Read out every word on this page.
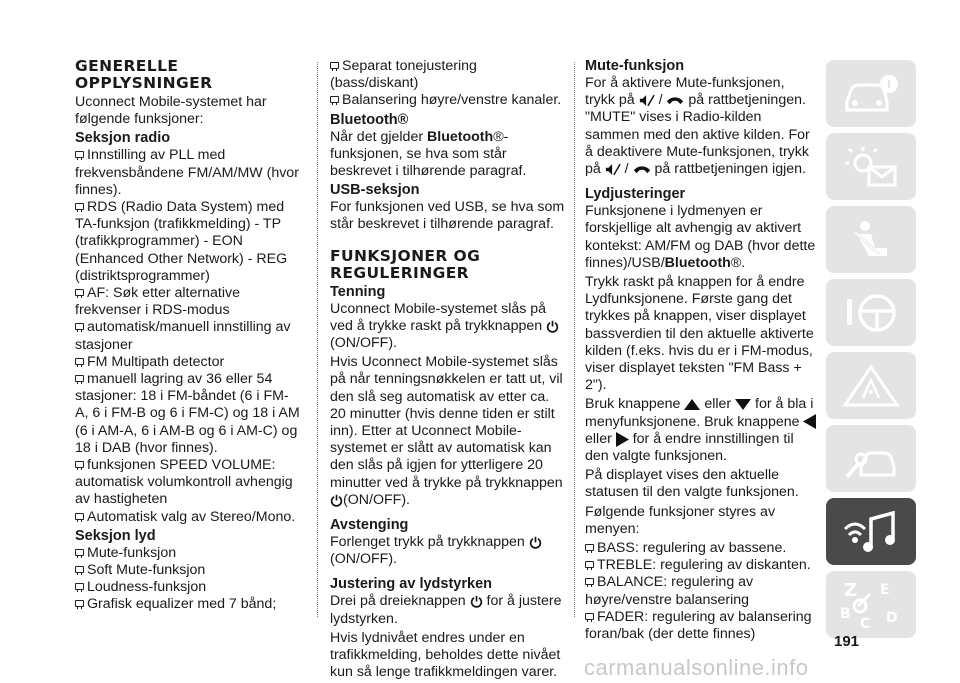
GENERELLE OPPLYSNINGER

Uconnect Mobile-systemet har følgende funksjoner:

Seksjon radio
Innstilling av PLL med frekvensbåndene FM/AM/MW (hvor finnes).
RDS (Radio Data System) med TA-funksjon (trafikkmelding) - TP (trafikkprogrammer) - EON (Enhanced Other Network) - REG (distriktsprogrammer)
AF: Søk etter alternative frekvenser i RDS-modus
automatisk/manuell innstilling av stasjoner
FM Multipath detector
manuell lagring av 36 eller 54 stasjoner: 18 i FM-båndet (6 i FM-A, 6 i FM-B og 6 i FM-C) og 18 i AM (6 i AM-A, 6 i AM-B og 6 i AM-C) og 18 i DAB (hvor finnes).
funksjonen SPEED VOLUME: automatisk volumkontroll avhengig av hastigheten
Automatisk valg av Stereo/Mono.
Seksjon lyd
Mute-funksjon
Soft Mute-funksjon
Loudness-funksjon
Grafisk equalizer med 7 bånd;
Separat tonejustering (bass/diskant)
Balansering høyre/venstre kanaler.
Bluetooth®

Når det gjelder Bluetooth®-funksjonen, se hva som står beskrevet i tilhørende paragraf.

USB-seksjon

For funksjonen ved USB, se hva som står beskrevet i tilhørende paragraf.

FUNKSJONER OG REGULERINGER
Tenning

Uconnect Mobile-systemet slås på ved å trykke raskt på trykknappen  (ON/OFF).

Hvis Uconnect Mobile-systemet slås på når tenningsnøkkelen er tatt ut, vil den slå seg automatisk av etter ca. 20 minutter (hvis denne tiden er stilt inn). Etter at Uconnect Mobile-systemet er slått av automatisk kan den slås på igjen for ytterligere 20 minutter ved å trykke på trykknappen (ON/OFF).

Avstenging

Forlenget trykk på trykknappen  (ON/OFF).

Justering av lydstyrken

Drei på dreieknappen  for å justere lydstyrken.

Hvis lydnivået endres under en trafikkmelding, beholdes dette nivået kun så lenge trafikkmeldingen varer.

Mute-funksjon

For å aktivere Mute-funksjonen, trykk på  /  på rattbetjeningen. "MUTE" vises i Radio-kilden sammen med den aktive kilden. For å deaktivere Mute-funksjonen, trykk på  /  på rattbetjeningen igjen.

Lydjusteringer

Funksjonene i lydmenyen er forskjellige alt avhengig av aktivert kontekst: AM/FM og DAB (hvor dette finnes)/USB/Bluetooth®.

Trykk raskt på knappen for å endre Lydfunksjonene. Første gang det trykkes på knappen, viser displayet bassverdien til den aktuelle aktiverte kilden (f.eks. hvis du er i FM-modus, viser displayet teksten "FM Bass + 2").

Bruk knappene  eller  for å bla i menyfunksjonene. Bruk knappene  eller  for å endre innstillingen til den valgte funksjonen.

På displayet vises den aktuelle statusen til den valgte funksjonen.

Følgende funksjoner styres av menyen:

BASS: regulering av bassene.
TREBLE: regulering av diskanten.
BALANCE: regulering av høyre/venstre balansering
FADER: regulering av balansering foran/bak (der dette finnes)
i
Z E
B
C D
191
carmanualsonline.info
